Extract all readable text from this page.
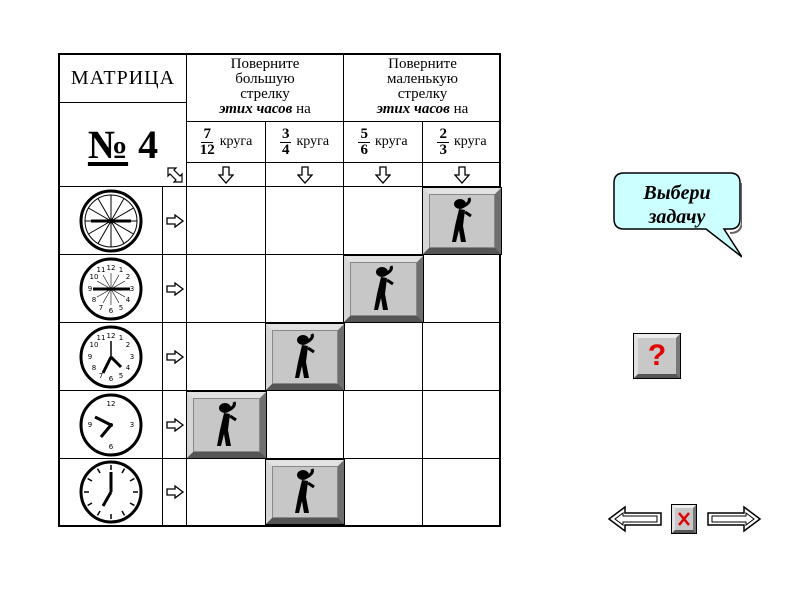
МАТРИЦА
№
4
Поверните
большую
стрелку
этих часов на
Поверните
маленькую
стрелку
этих часов на
$\frac{7}{12}$ круга $\frac{3}{4}$ круга $\frac{5}{6}$ круга $\frac{2}{3}$ круга
12 1
2
3
4
5
6
7
8
9
10
11
12 1
2
3
4
5
6
7
8
9
10
11
12
3
6
9
Выбери
задачу
?
